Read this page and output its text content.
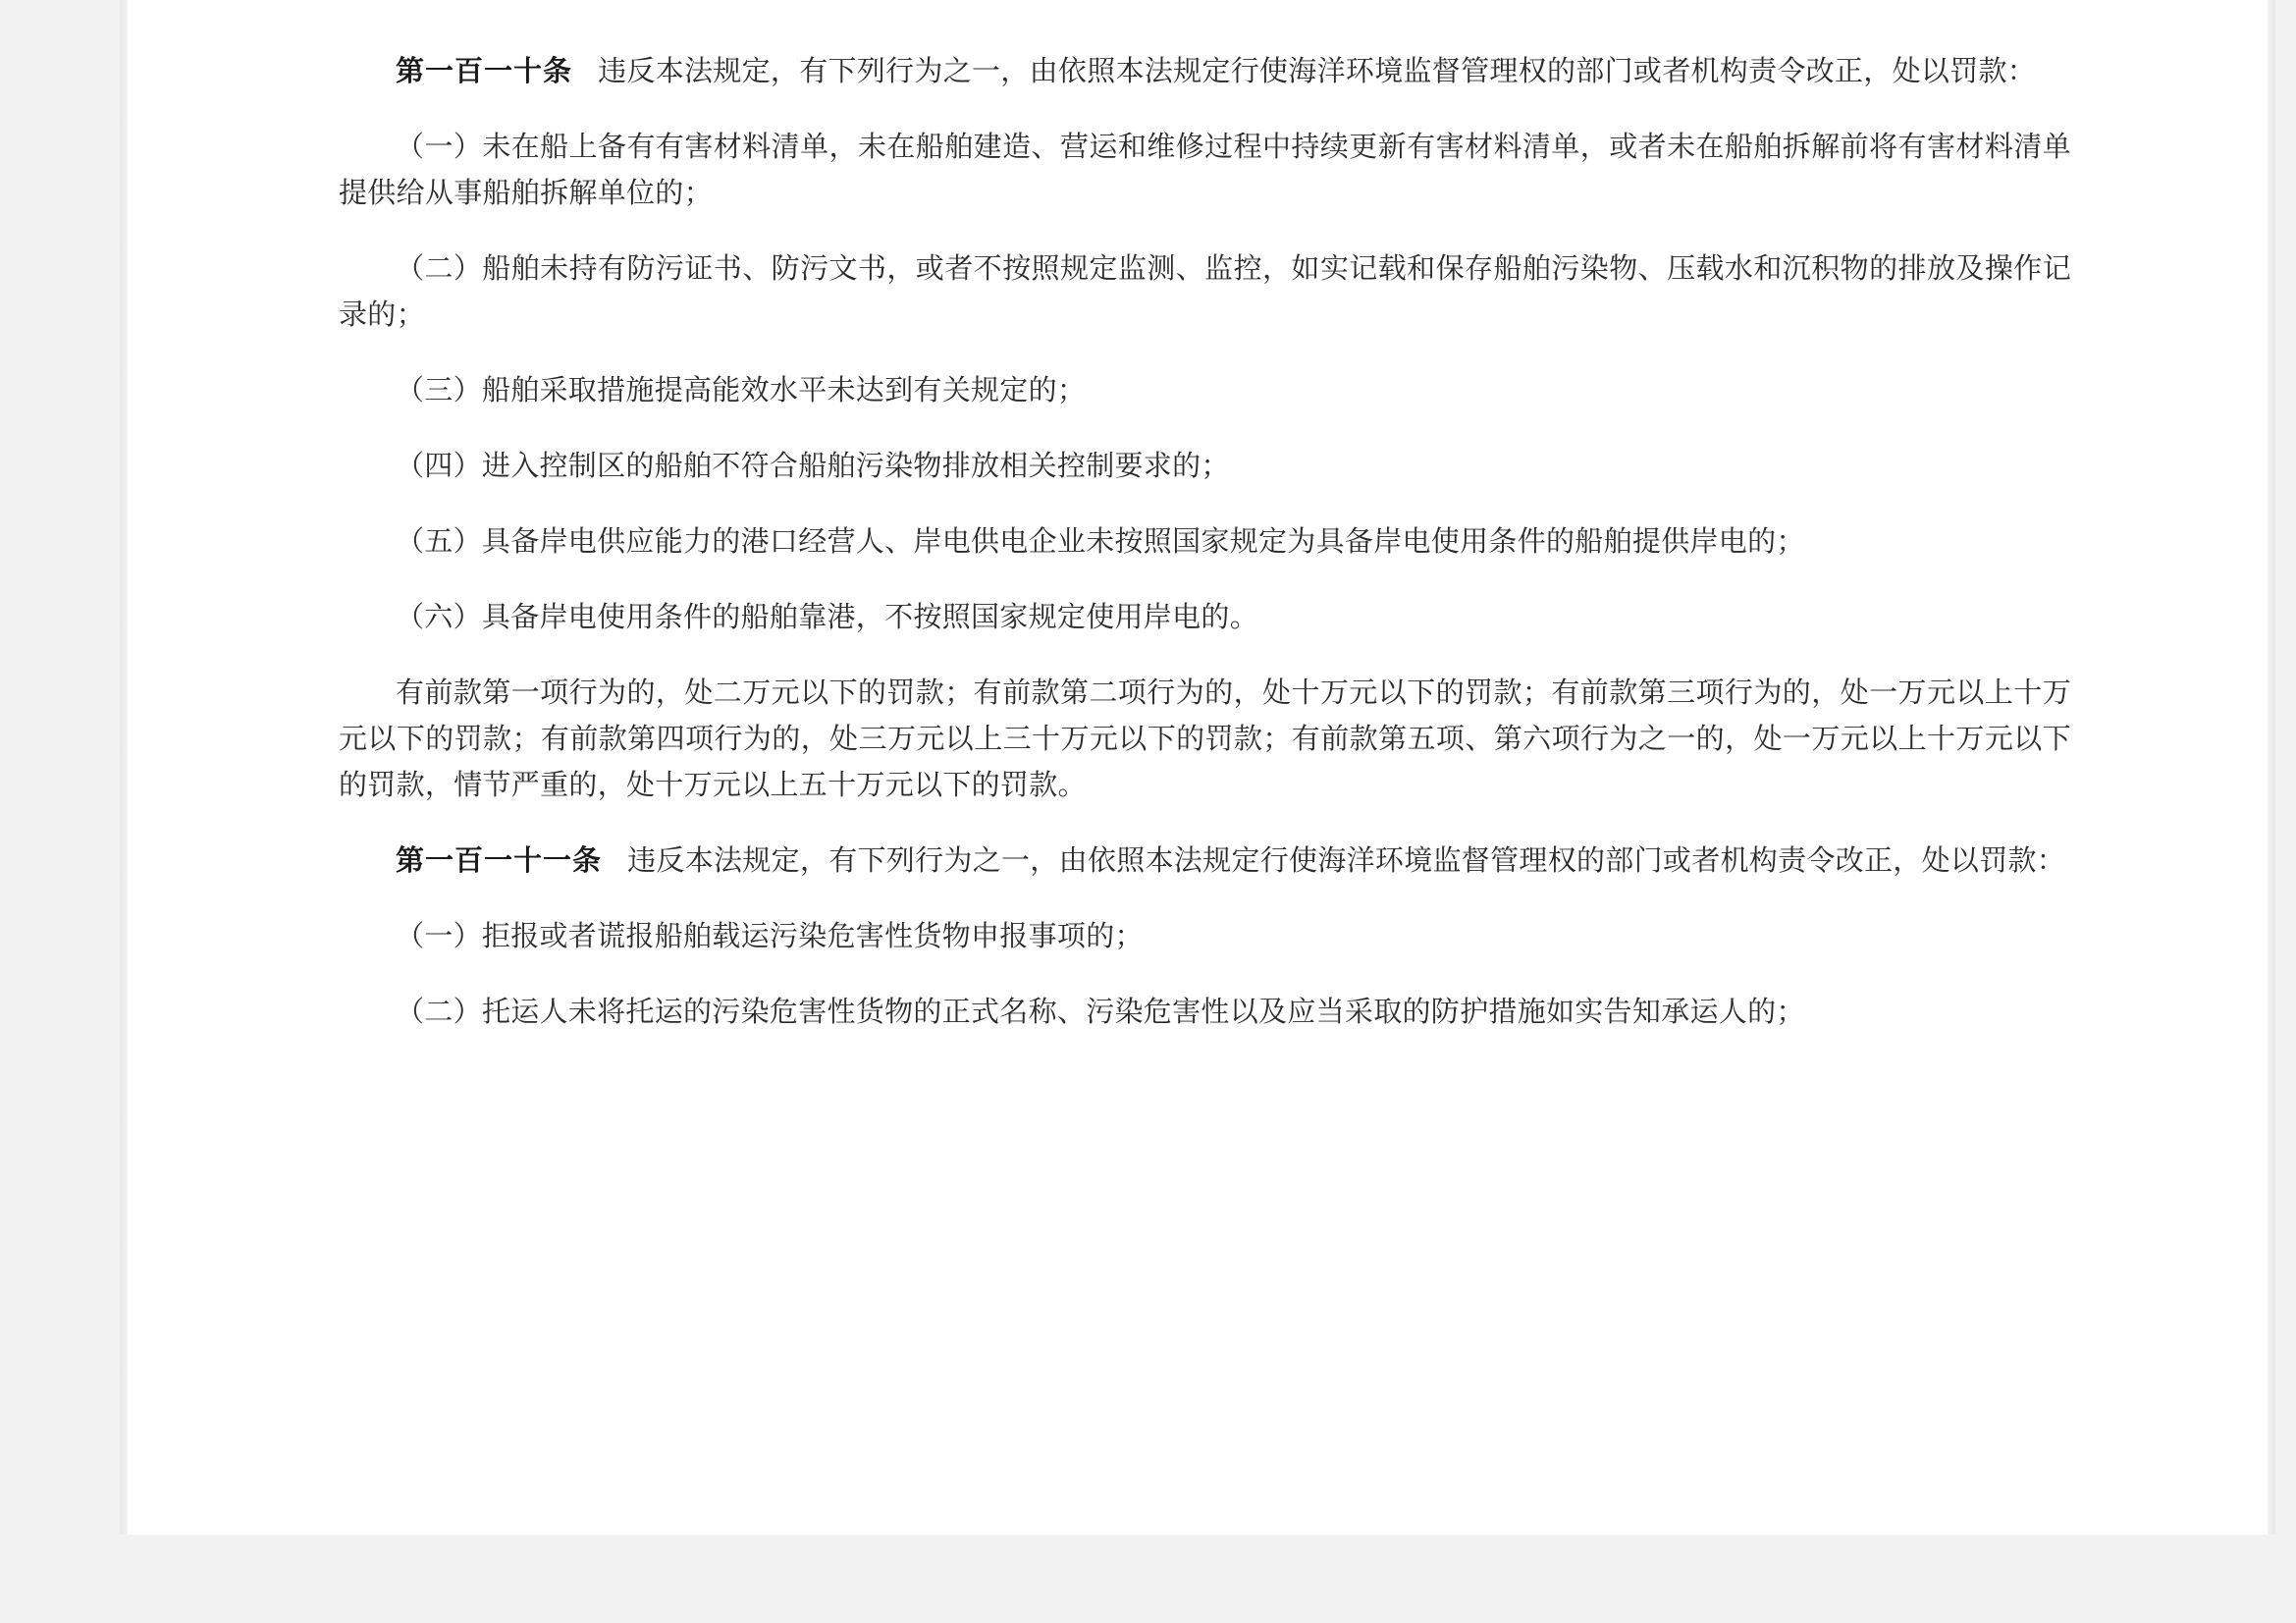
第一百一十条 违反本法规定，有下列行为之一，由依照本法规定行使海洋环境监督管理权的部门或者机构责令改正，处以罚款：

（一）未在船上备有有害材料清单，未在船舶建造、营运和维修过程中持续更新有害材料清单，或者未在船舶拆解前将有害材料清单提供给从事船舶拆解单位的；

（二）船舶未持有防污证书、防污文书，或者不按照规定监测、监控，如实记载和保存船舶污染物、压载水和沉积物的排放及操作记录的；

（三）船舶采取措施提高能效水平未达到有关规定的；

（四）进入控制区的船舶不符合船舶污染物排放相关控制要求的；

（五）具备岸电供应能力的港口经营人、岸电供电企业未按照国家规定为具备岸电使用条件的船舶提供岸电的；

（六）具备岸电使用条件的船舶靠港，不按照国家规定使用岸电的。

有前款第一项行为的，处二万元以下的罚款；有前款第二项行为的，处十万元以下的罚款；有前款第三项行为的，处一万元以上十万元以下的罚款；有前款第四项行为的，处三万元以上三十万元以下的罚款；有前款第五项、第六项行为之一的，处一万元以上十万元以下的罚款，情节严重的，处十万元以上五十万元以下的罚款。

第一百一十一条 违反本法规定，有下列行为之一，由依照本法规定行使海洋环境监督管理权的部门或者机构责令改正，处以罚款：

（一）拒报或者谎报船舶载运污染危害性货物申报事项的；

（二）托运人未将托运的污染危害性货物的正式名称、污染危害性以及应当采取的防护措施如实告知承运人的；
